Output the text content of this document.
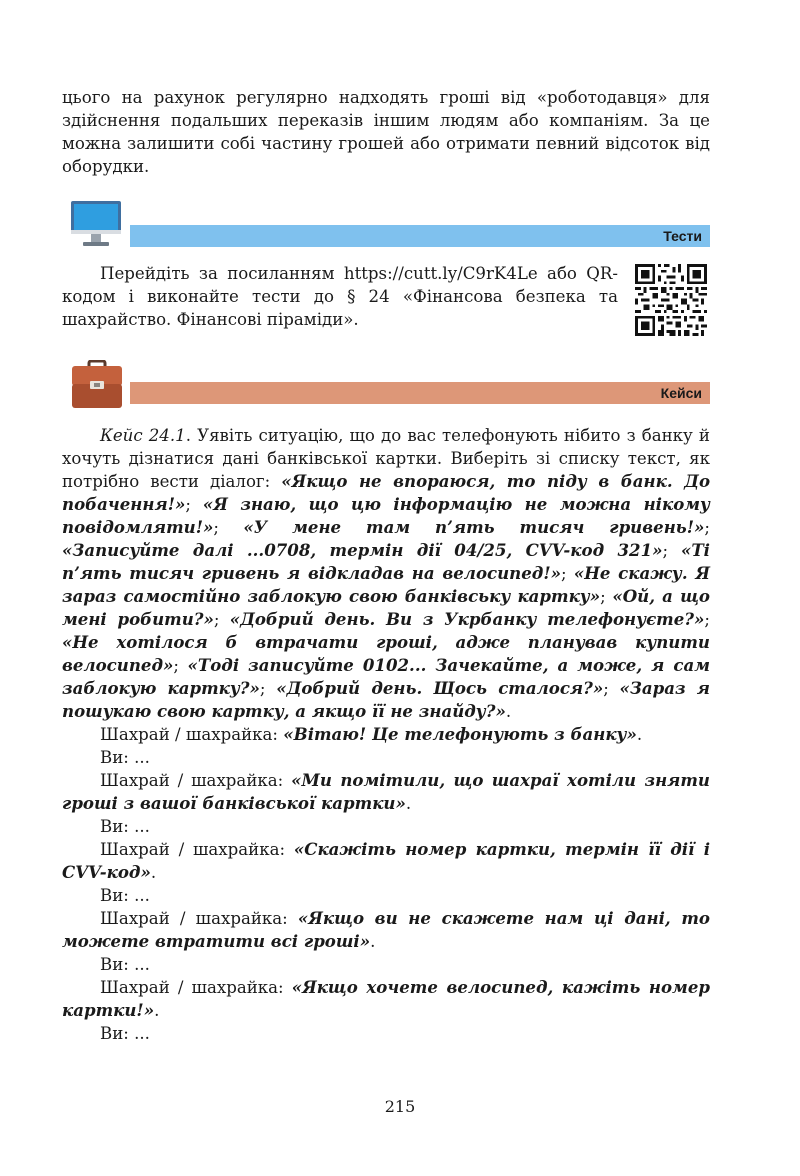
цього на рахунок регулярно надходять гроші від «роботодавця» для здійснення подальших переказів іншим людям або компаніям. За це можна залишити собі частину грошей або отримати певний відсоток від оборудки.

Тести

Перейдіть за посиланням https://cutt.ly/C9rK4Le або QR-кодом і виконайте тести до § 24 «Фінансова безпека та шахрайство. Фінансові піраміди».

Кейси

Кейс 24.1. Уявіть ситуацію, що до вас телефонують нібито з банку й хочуть дізнатися дані банківської картки. Виберіть зі списку текст, як потрібно вести діалог: «Якщо не впораюся, то піду в банк. До побачення!»; «Я знаю, що цю інформацію не можна нікому повідомляти!»; «У мене там п’ять тисяч гривень!»; «Записуйте далі ...0708, термін дії 04/25, CVV-код 321»; «Ті п’ять тисяч гривень я відкладав на велосипед!»; «Не скажу. Я зараз самостійно заблокую свою банківську картку»; «Ой, а що мені робити?»; «Добрий день. Ви з Укрбанку телефонуєте?»; «Не хотілося б втрачати гроші, адже планував купити велосипед»; «Тоді записуйте 0102... Зачекайте, а може, я сам заблокую картку?»; «Добрий день. Щось сталося?»; «Зараз я пошукаю свою картку, а якщо її не знайду?».

Шахрай / шахрайка: «Вітаю! Це телефонують з банку».

Ви: ...

Шахрай / шахрайка: «Ми помітили, що шахраї хотіли зняти гроші з вашої банківської картки».

Ви: ...

Шахрай / шахрайка: «Скажіть номер картки, термін її дії і CVV-код».

Ви: ...

Шахрай / шахрайка: «Якщо ви не скажете нам ці дані, то можете втратити всі гроші».

Ви: ...

Шахрай / шахрайка: «Якщо хочете велосипед, кажіть номер картки!».

Ви: ...

215
